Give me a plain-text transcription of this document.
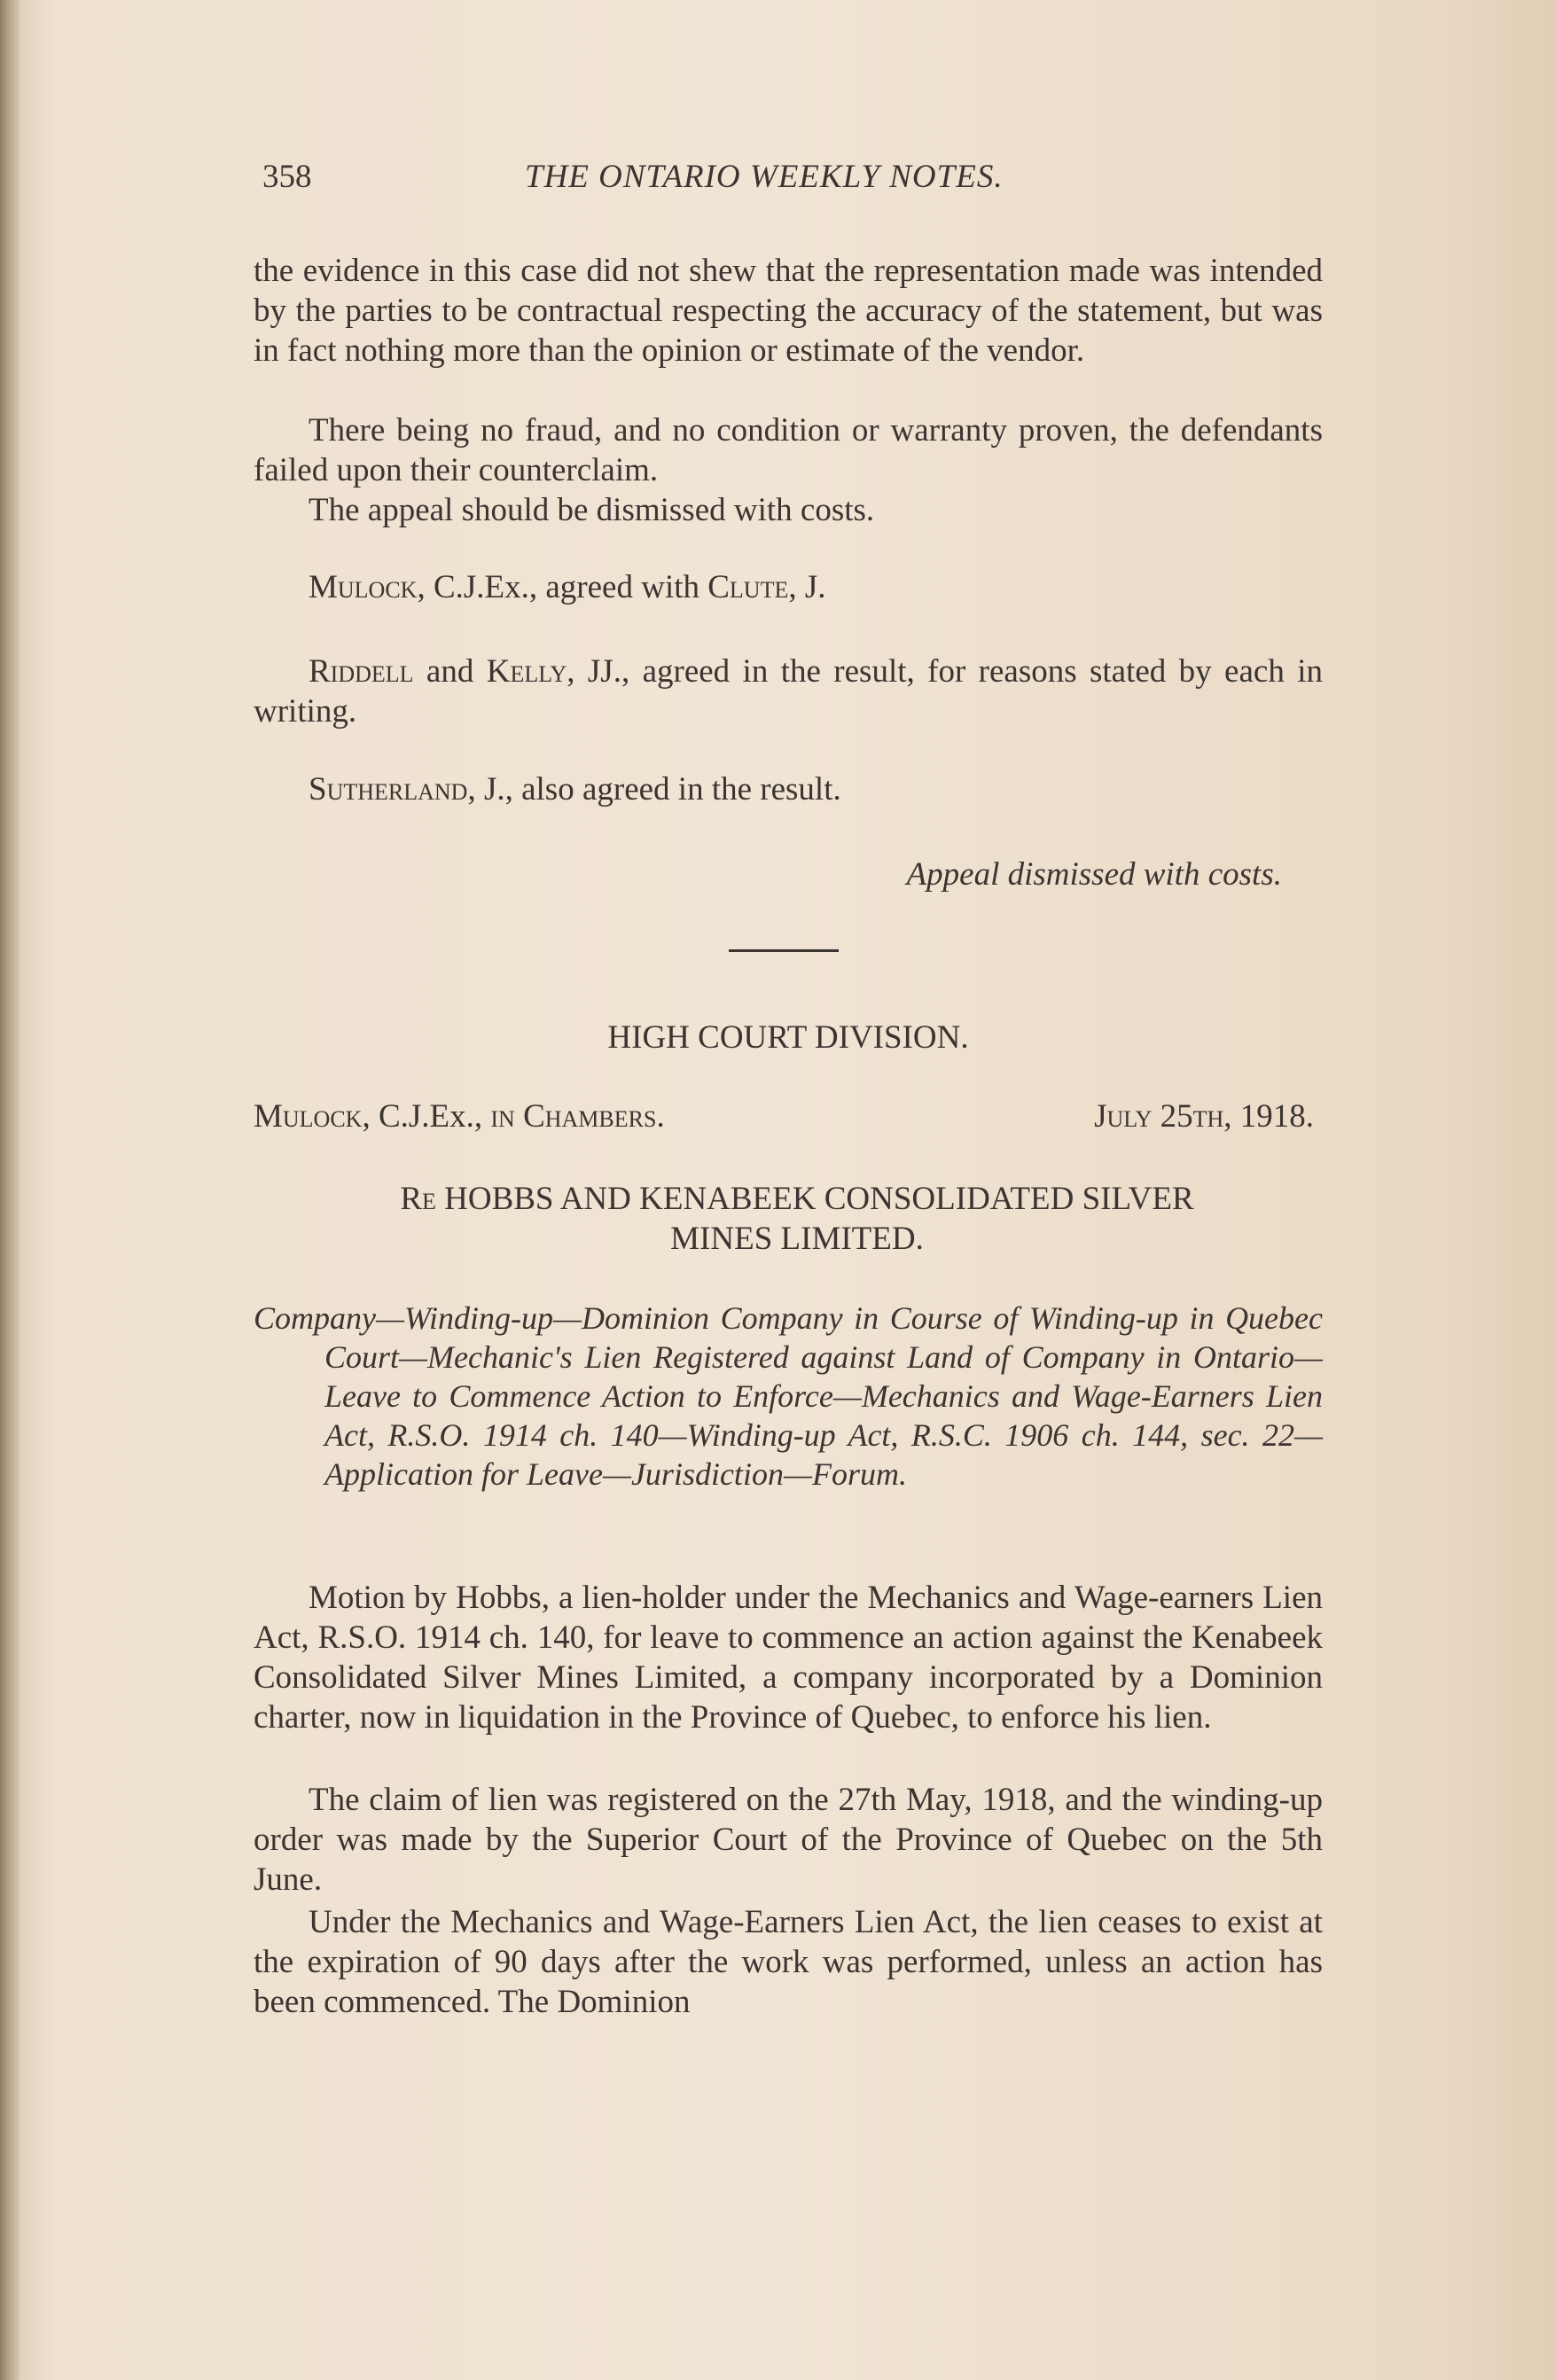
358	THE ONTARIO WEEKLY NOTES.

the evidence in this case did not shew that the representation made was intended by the parties to be contractual respecting the accuracy of the statement, but was in fact nothing more than the opinion or estimate of the vendor.

There being no fraud, and no condition or warranty proven, the defendants failed upon their counterclaim.

The appeal should be dismissed with costs.

Mulock, C.J.Ex., agreed with Clute, J.

Riddell and Kelly, JJ., agreed in the result, for reasons stated by each in writing.

Sutherland, J., also agreed in the result.

Appeal dismissed with costs.
HIGH COURT DIVISION.
Mulock, C.J.Ex., in Chambers.	July 25th, 1918.
Re HOBBS AND KENABEEK CONSOLIDATED SILVER
MINES LIMITED.

Company—Winding-up—Dominion Company in Course of Winding-up in Quebec Court—Mechanic's Lien Registered against Land of Company in Ontario—Leave to Commence Action to Enforce—Mechanics and Wage-Earners Lien Act, R.S.O. 1914 ch. 140—Winding-up Act, R.S.C. 1906 ch. 144, sec. 22—Application for Leave—Jurisdiction—Forum.

Motion by Hobbs, a lien-holder under the Mechanics and Wage-earners Lien Act, R.S.O. 1914 ch. 140, for leave to commence an action against the Kenabeek Consolidated Silver Mines Limited, a company incorporated by a Dominion charter, now in liquidation in the Province of Quebec, to enforce his lien.

The claim of lien was registered on the 27th May, 1918, and the winding-up order was made by the Superior Court of the Province of Quebec on the 5th June.

Under the Mechanics and Wage-Earners Lien Act, the lien ceases to exist at the expiration of 90 days after the work was performed, unless an action has been commenced. The Dominion
